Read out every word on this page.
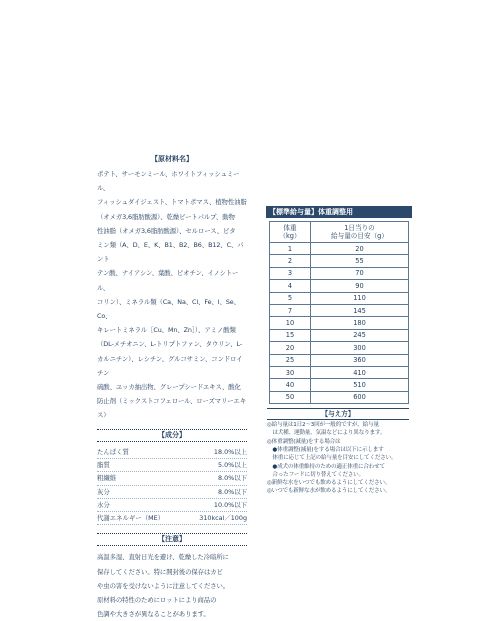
【原材料名】
ポテト、サーモンミール、ホワイトフィッシュミール、
フィッシュダイジェスト、トマトポマス、植物性油脂
（オメガ3,6脂肪酸源）、乾燥ビートパルプ、動物
性油脂（オメガ3,6脂肪酸源）、セルロース、ビタ
ミン類（A、D、E、K、B1、B2、B6、B12、C、パント
テン酸、ナイアシン、葉酸、ビオチン、イノシトール、
コリン）、ミネラル類（Ca、Na、Cl、Fe、I、Se、Co、
キレートミネラル［Cu、Mn、Zn］）、アミノ酸類
（DL-メチオニン、L-トリプトファン、タウリン、L-
カルニチン）、レシチン、グルコサミン、コンドロイチン
硫酸、ユッカ抽出物、グレープシードエキス、酸化
防止剤（ミックストコフェロール、ローズマリーエキス）
【成分】
たんぱく質	18.0%以上
脂質	5.0%以上
粗繊維	8.0%以下
灰分	8.0%以下
水分	10.0%以下
代謝エネルギー（ME）	310kcal／100g
【注意】
高温多湿、直射日光を避け、乾燥した冷暗所に
保存してください。特に開封後の保存はカビ
や虫の害を受けないように注意してください。
原材料の特性のためにロットにより商品の
色調や大きさが異なることがあります。
【標準給与量】体重調整用
体重
（kg）	1日当りの
給与量の目安（g）
1	20
2	55
3	70
4	90
5	110
7	145
10	180
15	245
20	300
25	360
30	410
40	510
50	600
【与え方】
◎給与量は1日2〜3回が一般的ですが、給与量
　は犬種、運動量、気温などにより異なります。
◎体重調整(減量)をする場合は
　●体重調整(減量)をする場合は以下に示します
　体重に応じて上記の給与量を目安にしてください。
　●成犬の体重維持のための適正体重に合わせて
　合ったフードに切り替えてください。
◎新鮮な水をいつでも飲めるようにしてください。
◎いつでも新鮮な水が飲めるようにしてください。
